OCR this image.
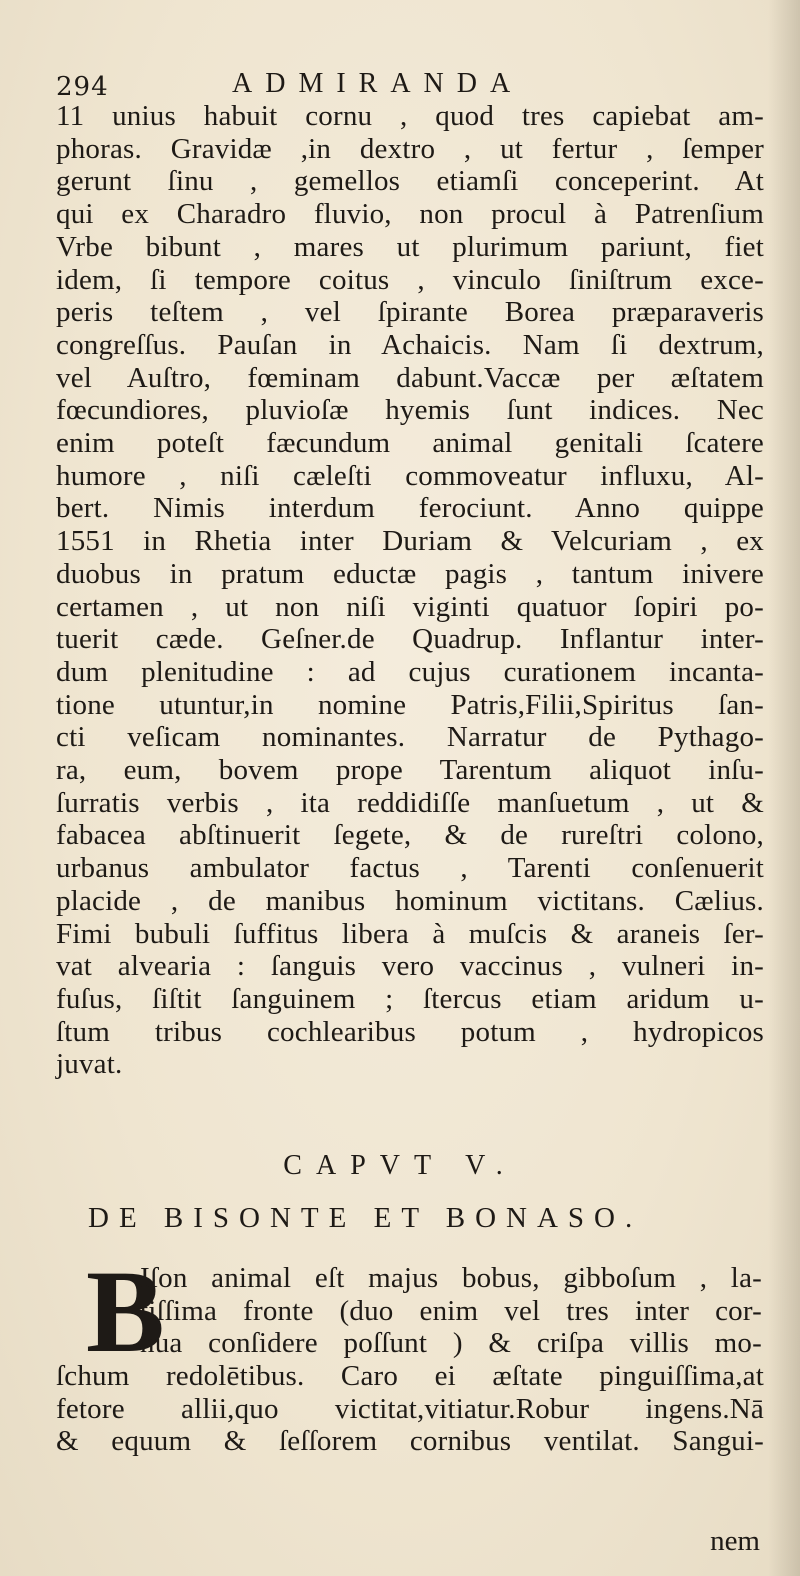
294	ADMIRANDA
11 unius habuit cornu , quod tres capiebat am-
phoras. Gravidæ ,in dextro , ut fertur , ſemper
gerunt ſinu , gemellos etiamſi conceperint. At
qui ex Charadro fluvio, non procul à Patrenſium
Vrbe bibunt , mares ut plurimum pariunt, fiet
idem, ſi tempore coitus , vinculo ſiniſtrum exce-
peris teſtem , vel ſpirante Borea præparaveris
congreſſus. Pauſan in Achaicis. Nam ſi dextrum,
vel Auſtro, fœminam dabunt.Vaccæ per æſtatem
fœcundiores, pluvioſæ hyemis ſunt indices. Nec
enim poteſt fæcundum animal genitali ſcatere
humore , niſi cæleſti commoveatur influxu, Al-
bert. Nimis interdum ferociunt. Anno quippe
1551 in Rhetia inter Duriam & Velcuriam , ex
duobus in pratum eductæ pagis , tantum inivere
certamen , ut non niſi viginti quatuor ſopiri po-
tuerit cæde. Geſner.de Quadrup. Inflantur inter-
dum plenitudine : ad cujus curationem incanta-
tione utuntur,in nomine Patris,Filii,Spiritus ſan-
cti veſicam nominantes. Narratur de Pythago-
ra, eum, bovem prope Tarentum aliquot inſu-
ſurratis verbis , ita reddidiſſe manſuetum , ut &
fabacea abſtinuerit ſegete, & de rureſtri colono,
urbanus ambulator factus , Tarenti conſenuerit
placide , de manibus hominum victitans. Cælius.
Fimi bubuli ſuffitus libera à muſcis & araneis ſer-
vat alvearia : ſanguis vero vaccinus , vulneri in-
fuſus, ſiſtit ſanguinem ; ſtercus etiam aridum u-
ſtum tribus cochlearibus potum , hydropicos
juvat.
CAPVT V.
DE BISONTE ET BONASO.
B
Iſon animal eſt majus bobus, gibboſum , la-
tiſſima fronte (duo enim vel tres inter cor-
nua conſidere poſſunt ) & criſpa villis mo-
ſchum redolētibus. Caro ei æſtate pinguiſſima,at
fetore allii,quo victitat,vitiatur.Robur ingens.Nā
& equum & ſeſſorem cornibus ventilat. Sangui-
nem
